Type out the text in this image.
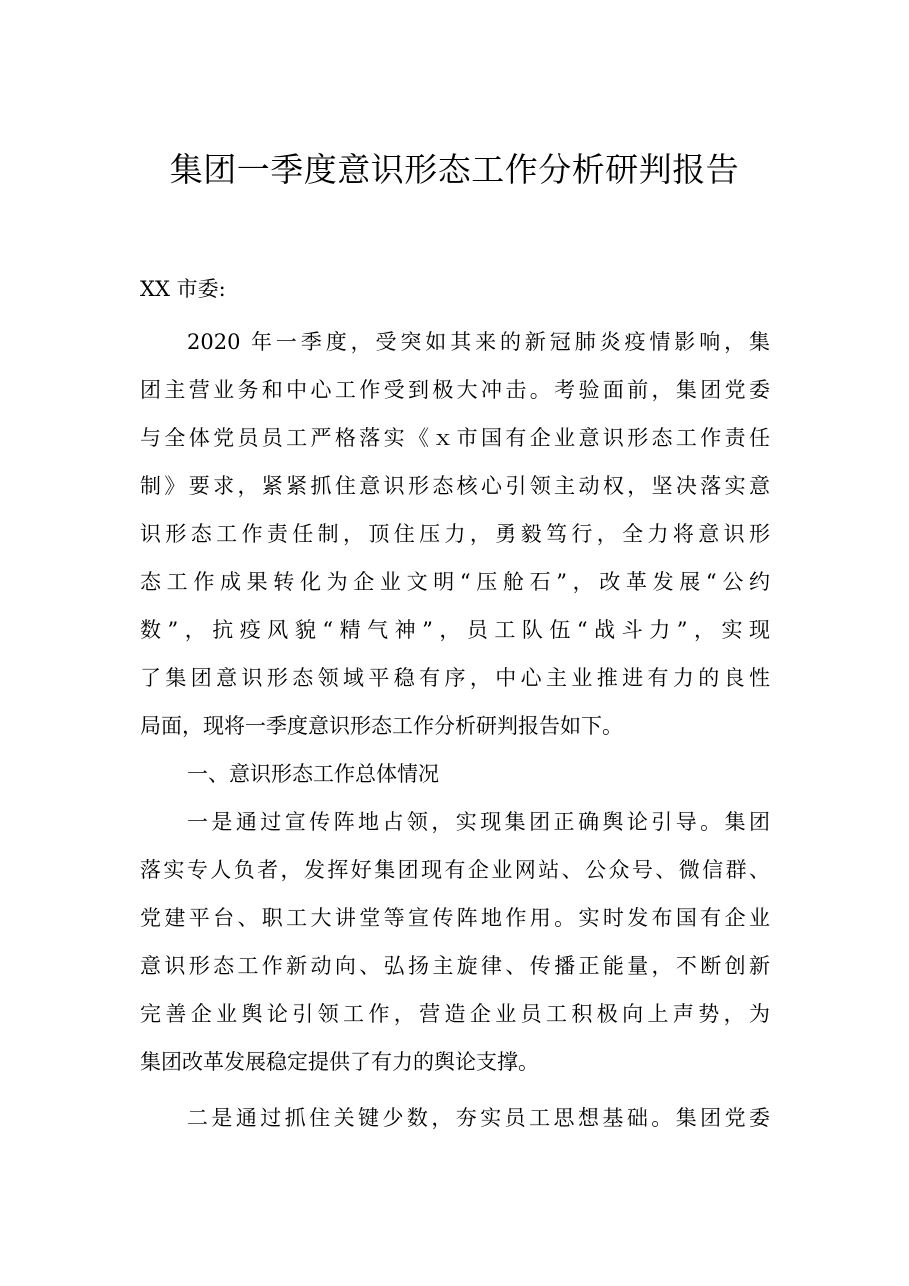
集团一季度意识形态工作分析研判报告
XX 市委:
2020 年一季度，受突如其来的新冠肺炎疫情影响，集
团主营业务和中心工作受到极大冲击。考验面前，集团党委
与全体党员员工严格落实《ｘ市国有企业意识形态工作责任
制》要求，紧紧抓住意识形态核心引领主动权，坚决落实意
识形态工作责任制，顶住压力，勇毅笃行，全力将意识形
态工作成果转化为企业文明“压舱石”，改革发展“公约
数”，抗疫风貌“精气神”，员工队伍“战斗力”，实现
了集团意识形态领域平稳有序，中心主业推进有力的良性
局面，现将一季度意识形态工作分析研判报告如下。
一、意识形态工作总体情况
一是通过宣传阵地占领，实现集团正确舆论引导。集团
落实专人负者，发挥好集团现有企业网站、公众号、微信群、
党建平台、职工大讲堂等宣传阵地作用。实时发布国有企业
意识形态工作新动向、弘扬主旋律、传播正能量，不断创新
完善企业舆论引领工作，营造企业员工积极向上声势，为
集团改革发展稳定提供了有力的舆论支撑。
二是通过抓住关键少数，夯实员工思想基础。集团党委
